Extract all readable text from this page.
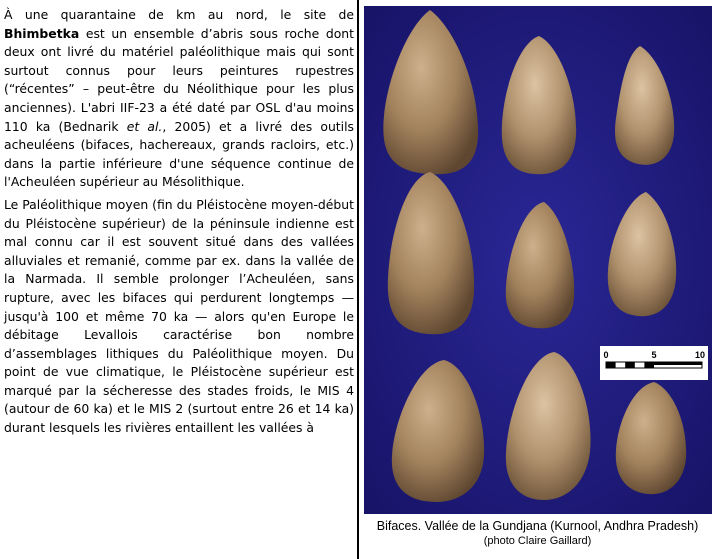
À une quarantaine de km au nord, le site de Bhimbetka est un ensemble d’abris sous roche dont deux ont livré du matériel paléolithique mais qui sont surtout connus pour leurs peintures rupestres (“récentes” – peut-être du Néolithique pour les plus anciennes). L'abri IIF-23 a été daté par OSL d'au moins 110 ka (Bednarik et al., 2005) et a livré des outils acheuléens (bifaces, hachereaux, grands racloirs, etc.) dans la partie inférieure d'une séquence continue de l'Acheuléen supérieur au Mésolithique.

Le Paléolithique moyen (fin du Pléistocène moyen-début du Pléistocène supérieur) de la péninsule indienne est mal connu car il est souvent situé dans des vallées alluviales et remanié, comme par ex. dans la vallée de la Narmada. Il semble prolonger l’Acheuléen, sans rupture, avec les bifaces qui perdurent longtemps — jusqu'à 100 et même 70 ka — alors qu'en Europe le débitage Levallois caractérise bon nombre d’assemblages lithiques du Paléolithique moyen. Du point de vue climatique, le Pléistocène supérieur est marqué par la sécheresse des stades froids, le MIS 4 (autour de 60 ka) et le MIS 2 (surtout entre 26 et 14 ka) durant lesquels les rivières entaillent les vallées à

0	5	10
Bifaces. Vallée de la Gundjana (Kurnool, Andhra Pradesh)
(photo Claire Gaillard)
